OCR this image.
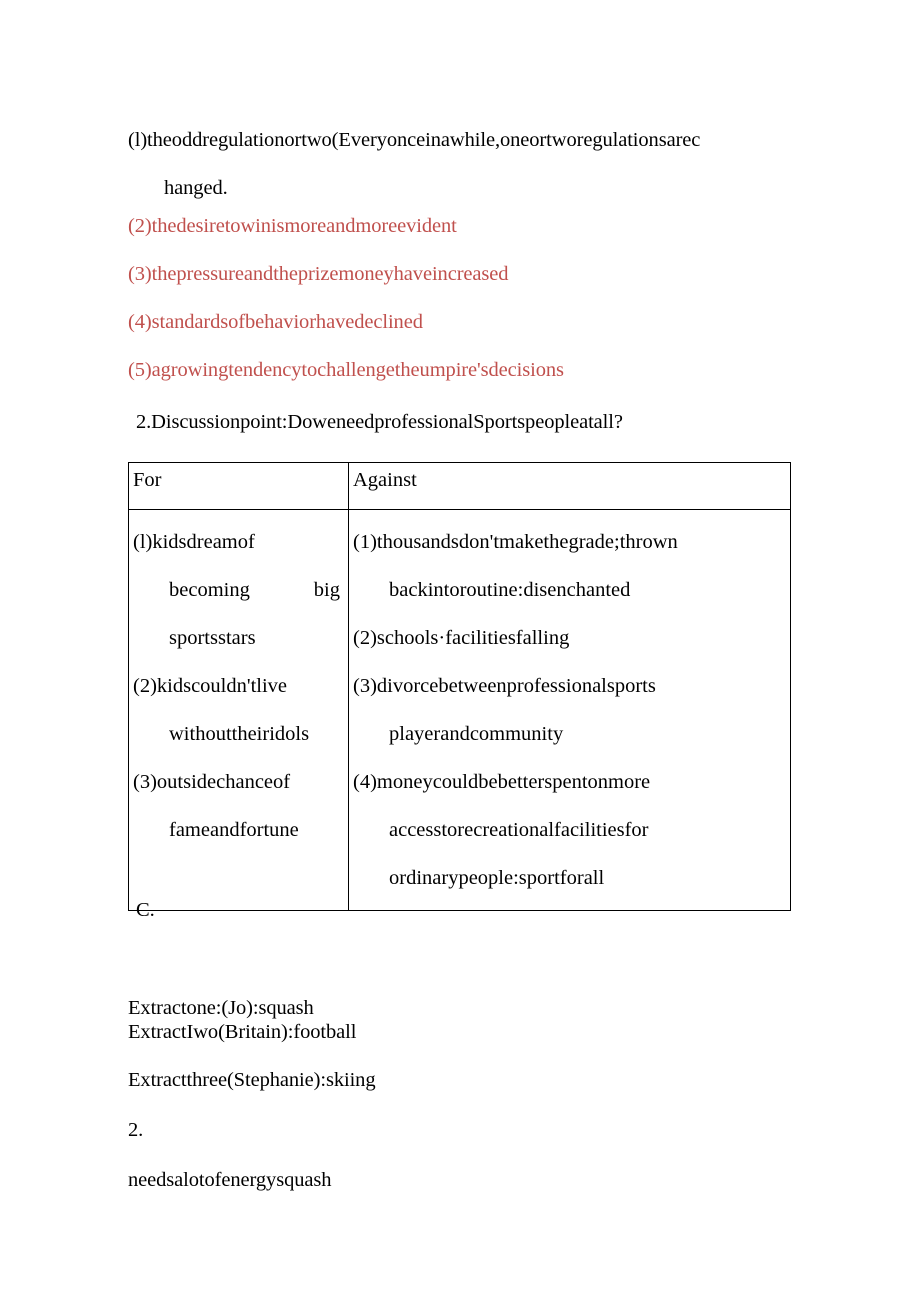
(l)theoddregulationortwo(Everyonceinawhile,oneortworegulationsarec
hanged.
(2)thedesiretowinismoreandmoreevident
(3)thepressureandtheprizemoneyhaveincreased
(4)standardsofbehaviorhavedeclined
(5)agrowingtendencytochallengetheumpire'sdecisions
2.Discussionpoint:DoweneedprofessionalSportspeopleatall?
For	Against

(l)kidsdreamof
becoming	big
sportsstars
(2)kidscouldn'tlive
withouttheiridols
(3)outsidechanceof
fameandfortune

(1)thousandsdon'tmakethegrade;thrown
backintoroutine:disenchanted
(2)schools·facilitiesfalling
(3)divorcebetweenprofessionalsports
playerandcommunity
(4)moneycouldbebetterspentonmore
accesstorecreationalfacilitiesfor
ordinarypeople:sportforall
C.
Extractone:(Jo):squash
ExtractIwo(Britain):football
Extractthree(Stephanie):skiing
2.
needsalotofenergysquash
